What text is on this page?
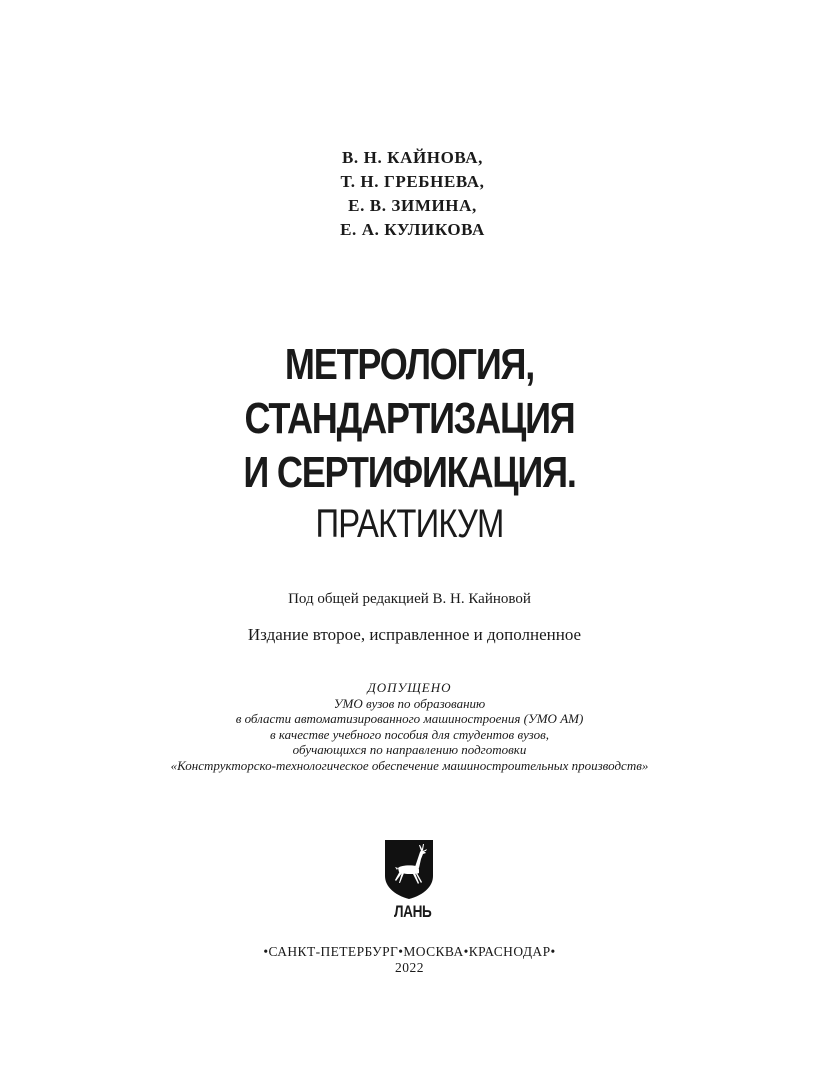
В. Н. КАЙНОВА,
Т. Н. ГРЕБНЕВА,
Е. В. ЗИМИНА,
Е. А. КУЛИКОВА
МЕТРОЛОГИЯ,
СТАНДАРТИЗАЦИЯ
И СЕРТИФИКАЦИЯ.
ПРАКТИКУМ
Под общей редакцией В. Н. Кайновой
Издание второе, исправленное и дополненное
ДОПУЩЕНО
УМО вузов по образованию
в области автоматизированного машиностроения (УМО АМ)
в качестве учебного пособия для студентов вузов,
обучающихся по направлению подготовки
«Конструкторско-технологическое обеспечение машиностроительных производств»
ЛАНЬ
•САНКТ-ПЕТЕРБУРГ•МОСКВА•КРАСНОДАР•
2022
